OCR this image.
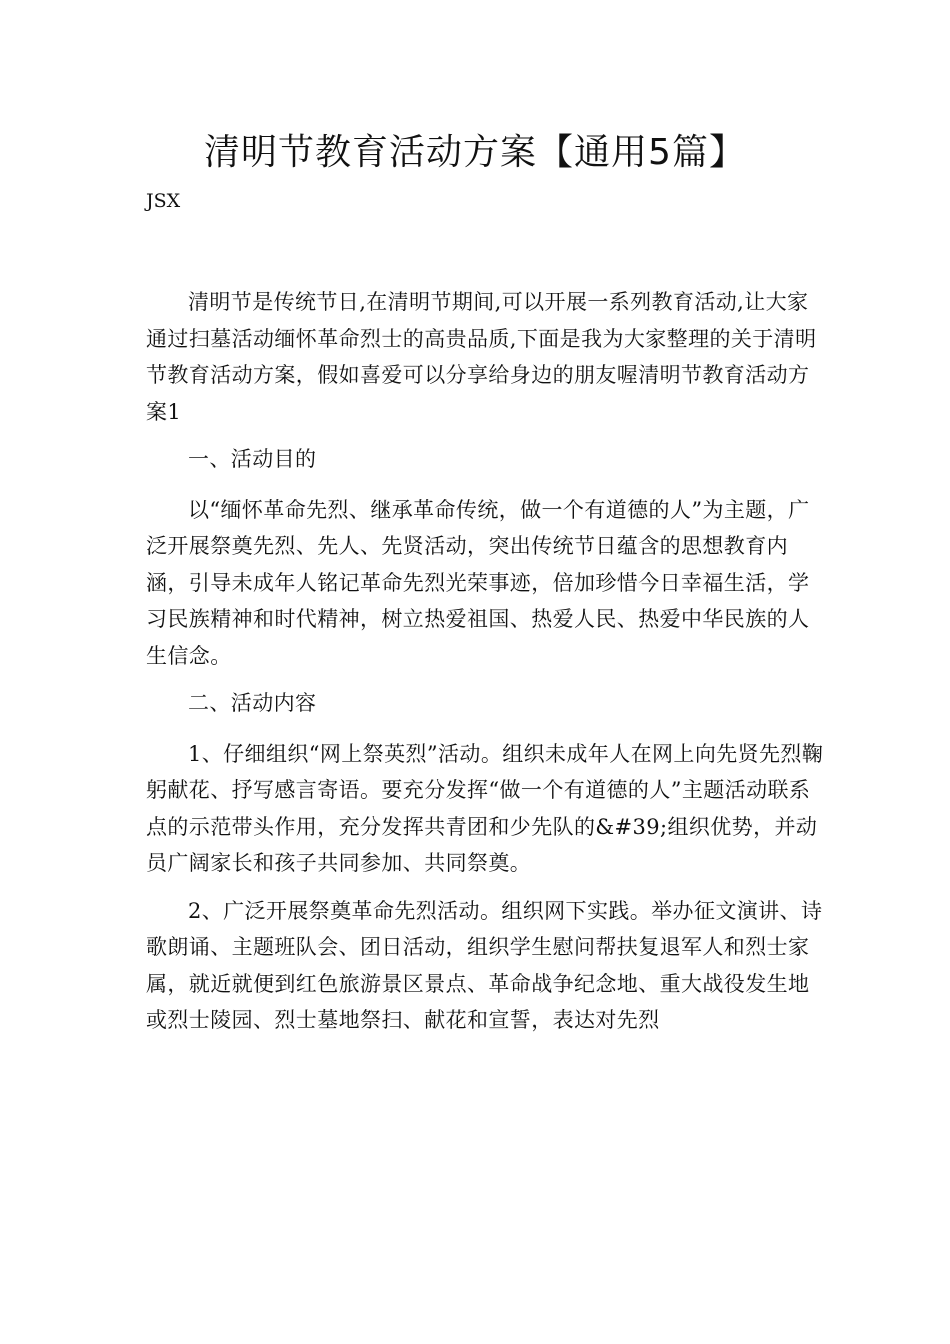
清明节教育活动方案【通用5篇】

JSX

清明节是传统节日,在清明节期间,可以开展一系列教育活动,让大家通过扫墓活动缅怀革命烈士的高贵品质,下面是我为大家整理的关于清明节教育活动方案，假如喜爱可以分享给身边的朋友喔清明节教育活动方案1

一、活动目的

以“缅怀革命先烈、继承革命传统，做一个有道德的人”为主题，广泛开展祭奠先烈、先人、先贤活动，突出传统节日蕴含的思想教育内涵，引导未成年人铭记革命先烈光荣事迹，倍加珍惜今日幸福生活，学习民族精神和时代精神，树立热爱祖国、热爱人民、热爱中华民族的人生信念。

二、活动内容

1、仔细组织“网上祭英烈”活动。组织未成年人在网上向先贤先烈鞠躬献花、抒写感言寄语。要充分发挥“做一个有道德的人”主题活动联系点的示范带头作用，充分发挥共青团和少先队的&#39;组织优势，并动员广阔家长和孩子共同参加、共同祭奠。

2、广泛开展祭奠革命先烈活动。组织网下实践。举办征文演讲、诗歌朗诵、主题班队会、团日活动，组织学生慰问帮扶复退军人和烈士家属，就近就便到红色旅游景区景点、革命战争纪念地、重大战役发生地或烈士陵园、烈士墓地祭扫、献花和宣誓，表达对先烈
